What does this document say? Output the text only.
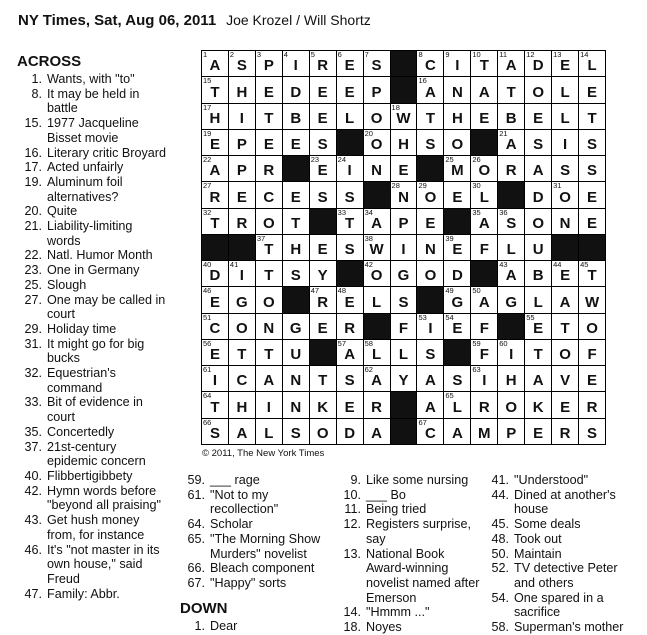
NY Times, Sat, Aug 06, 2011 Joe Krozel / Will Shortz
ACROSS
1. Wants, with "to"
8. It may be held in battle
15. 1977 Jacqueline Bisset movie
16. Literary critic Broyard
17. Acted unfairly
19. Aluminum foil alternatives?
20. Quite
21. Liability-limiting words
22. Natl. Humor Month
23. One in Germany
25. Slough
27. One may be called in court
29. Holiday time
31. It might go for big bucks
32. Equestrian's command
33. Bit of evidence in court
35. Concertedly
37. 21st-century epidemic concern
40. Flibbertigibbety
42. Hymn words before "beyond all praising"
43. Get hush money from, for instance
46. It's "not master in its own house," said Freud
47. Family: Abbr.
1
A
2
S
3
P
4
I
5
R
6
E
7
S
8
C
9
I
10
T
11
A
12
D
13
E
14
L
15
T H E D E E P
16
A N A T O L E
17
H I T B E L O
18
W T H E B E L T
19
E P E E S
20
O H S O
21
A S I S
22
A P R
23
E
24
I N E
25
M
26
O R A S S
27
R E C E S S
28
N
29
O E
30
L	D
31
O E
32
T R O T
33
T
34
A P E
35
A
36
S O N E
37
T H E S
38
W I N
39
E F L U
40
D
41
I T S Y
42
O G O D
43
A B
44
E
45
T
46
E G O
47
R
48
E L S
49
G
50
A G L A W
51
C O N G E R	F
53
I
54
E F
55
E T O
56
E T T U
57
A
58
L L S
59
F
60
I T O F
61
I C A N T S
62
A Y A S
63
I H A V E
64
T H I N K E R	A
65
L R O K E R
66
S A L S O D A
67
C A M P E R S
© 2011, The New York Times
59. ___ rage
61. "Not to my recollection"
64. Scholar
65. "The Morning Show Murders" novelist
66. Bleach component
67. "Happy" sorts
DOWN
1. Dear
9. Like some nursing
10. ___ Bo
11. Being tried
12. Registers surprise, say
13. National Book Award-winning novelist named after Emerson
14. "Hmmm ..."
18. Noyes
41. "Understood"
44. Dined at another's house
45. Some deals
48. Took out
50. Maintain
52. TV detective Peter and others
54. One spared in a sacrifice
58. Superman's mother
